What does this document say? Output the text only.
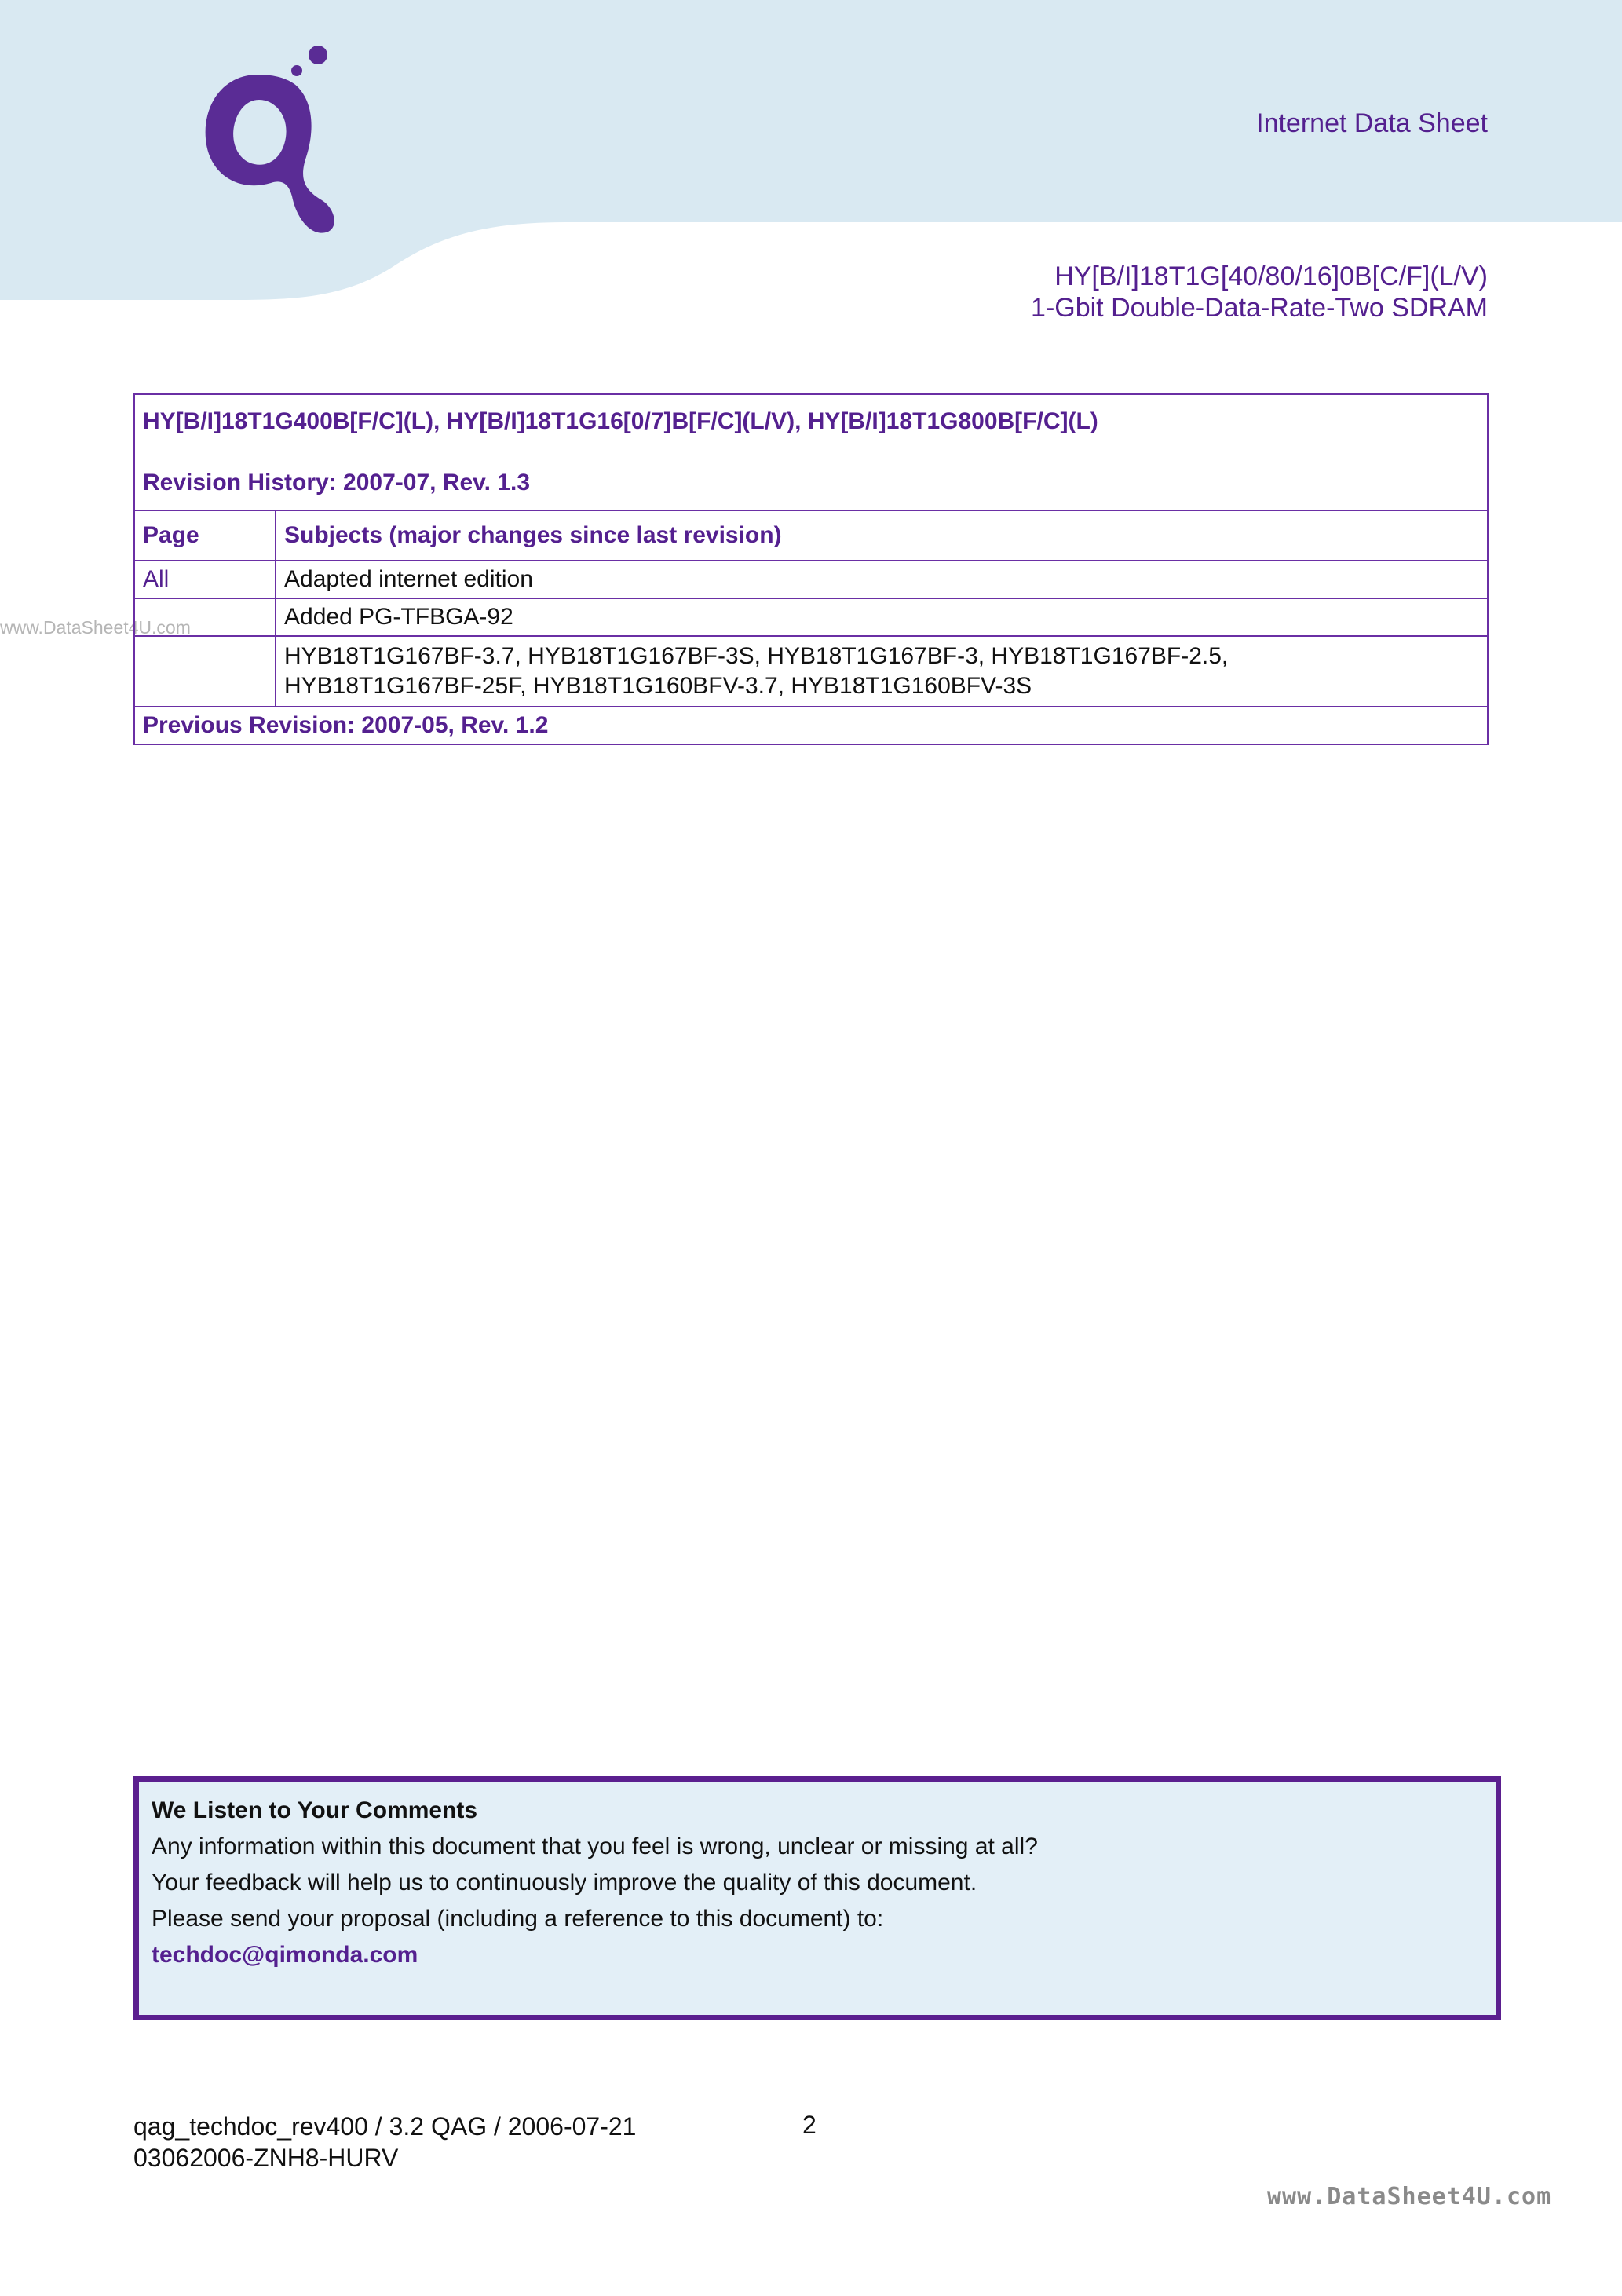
Internet Data Sheet
HY[B/I]18T1G[40/80/16]0B[C/F](L/V)
1-Gbit Double-Data-Rate-Two SDRAM
www.DataSheet4U.com
HY[B/I]18T1G400B[F/C](L), HY[B/I]18T1G16[0/7]B[F/C](L/V), HY[B/I]18T1G800B[F/C](L)
Revision History: 2007-07, Rev. 1.3	

Page	Subjects (major changes since last revision)
All	Adapted internet edition
	Added PG-TFBGA-92

	HYB18T1G167BF-3.7, HYB18T1G167BF-3S, HYB18T1G167BF-3, HYB18T1G167BF-2.5,
HYB18T1G167BF-25F, HYB18T1G160BFV-3.7, HYB18T1G160BFV-3S

Previous Revision: 2007-05, Rev. 1.2	
We Listen to Your Comments
Any information within this document that you feel is wrong, unclear or missing at all?
Your feedback will help us to continuously improve the quality of this document.
Please send your proposal (including a reference to this document) to:
techdoc@qimonda.com
qag_techdoc_rev400 / 3.2 QAG / 2006-07-21
03062006-ZNH8-HURV
2
www.DataSheet4U.com
